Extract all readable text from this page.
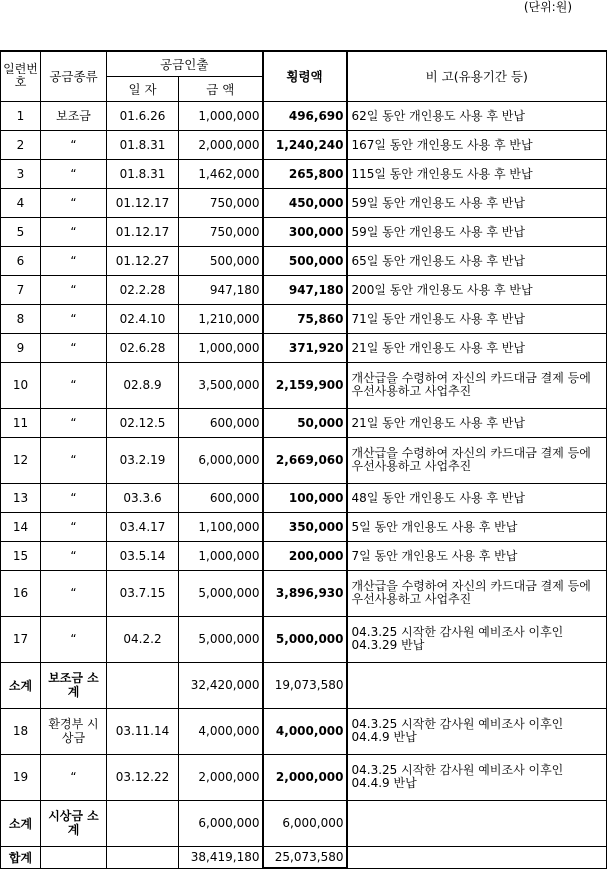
(단위:원)
일련번호	공금종류	공금인출		횡령액	비 고(유용기간 등)
		일 자	금 액		
1	보조금	01.6.26	1,000,000	496,690	62일 동안 개인용도 사용 후 반납
2	“	01.8.31	2,000,000	1,240,240	167일 동안 개인용도 사용 후 반납
3	“	01.8.31	1,462,000	265,800	115일 동안 개인용도 사용 후 반납
4	“	01.12.17	750,000	450,000	59일 동안 개인용도 사용 후 반납
5	“	01.12.17	750,000	300,000	59일 동안 개인용도 사용 후 반납
6	“	01.12.27	500,000	500,000	65일 동안 개인용도 사용 후 반납
7	“	02.2.28	947,180	947,180	200일 동안 개인용도 사용 후 반납
8	“	02.4.10	1,210,000	75,860	71일 동안 개인용도 사용 후 반납
9	“	02.6.28	1,000,000	371,920	21일 동안 개인용도 사용 후 반납
10	“	02.8.9	3,500,000	2,159,900	개산급을 수령하여 자신의 카드대금 결제 등에 우선사용하고 사업추진
11	“	02.12.5	600,000	50,000	21일 동안 개인용도 사용 후 반납
12	“	03.2.19	6,000,000	2,669,060	개산급을 수령하여 자신의 카드대금 결제 등에 우선사용하고 사업추진
13	“	03.3.6	600,000	100,000	48일 동안 개인용도 사용 후 반납
14	“	03.4.17	1,100,000	350,000	5일 동안 개인용도 사용 후 반납
15	“	03.5.14	1,000,000	200,000	7일 동안 개인용도 사용 후 반납
16	“	03.7.15	5,000,000	3,896,930	개산급을 수령하여 자신의 카드대금 결제 등에 우선사용하고 사업추진
17	“	04.2.2	5,000,000	5,000,000	04.3.25 시작한 감사원 예비조사 이후인 04.3.29 반납
소계	보조금 소계		32,420,000	19,073,580	
18	환경부 시상금	03.11.14	4,000,000	4,000,000	04.3.25 시작한 감사원 예비조사 이후인 04.4.9 반납
19	“	03.12.22	2,000,000	2,000,000	04.3.25 시작한 감사원 예비조사 이후인 04.4.9 반납
소계	시상금 소계		6,000,000	6,000,000	
합계			38,419,180	25,073,580	
